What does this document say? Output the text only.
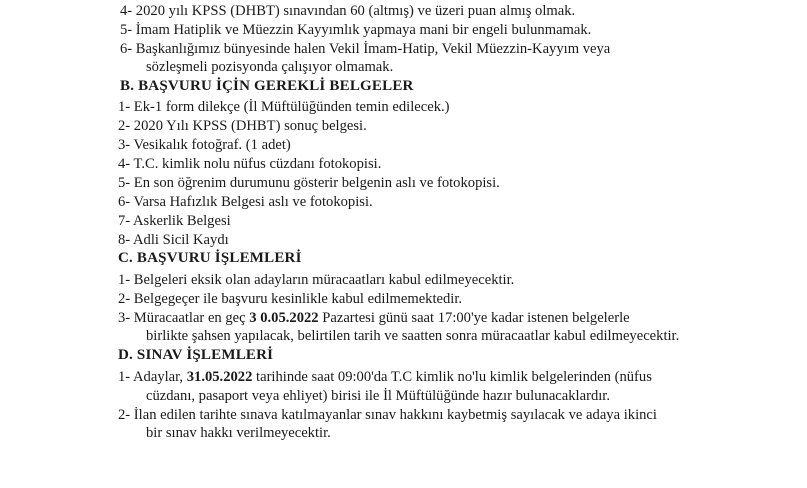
4- 2020 yılı KPSS (DHBT) sınavından 60 (altmış) ve üzeri puan almış olmak.
5- İmam Hatiplik ve Müezzin Kayyımlık yapmaya mani bir engeli bulunmamak.
6- Başkanlığımız bünyesinde halen Vekil İmam-Hatip, Vekil Müezzin-Kayyım veya
sözleşmeli pozisyonda çalışıyor olmamak.
B. BAŞVURU İÇİN GEREKLİ BELGELER
1- Ek-1 form dilekçe (İl Müftülüğünden temin edilecek.)
2- 2020 Yılı KPSS (DHBT) sonuç belgesi.
3- Vesikalık fotoğraf. (1 adet)
4- T.C. kimlik nolu nüfus cüzdanı fotokopisi.
5- En son öğrenim durumunu gösterir belgenin aslı ve fotokopisi.
6- Varsa Hafızlık Belgesi aslı ve fotokopisi.
7- Askerlik Belgesi
8- Adli Sicil Kaydı
C. BAŞVURU İŞLEMLERİ
1- Belgeleri eksik olan adayların müracaatları kabul edilmeyecektir.
2- Belgegeçer ile başvuru kesinlikle kabul edilmemektedir.
3- Müracaatlar en geç 3 0.05.2022 Pazartesi günü saat 17:00'ye kadar istenen belgelerle
birlikte şahsen yapılacak, belirtilen tarih ve saatten sonra müracaatlar kabul edilmeyecektir.
D. SINAV İŞLEMLERİ
1- Adaylar, 31.05.2022 tarihinde saat 09:00'da T.C kimlik no'lu kimlik belgelerinden (nüfus
cüzdanı, pasaport veya ehliyet) birisi ile İl Müftülüğünde hazır bulunacaklardır.
2- İlan edilen tarihte sınava katılmayanlar sınav hakkını kaybetmiş sayılacak ve adaya ikinci
bir sınav hakkı verilmeyecektir.
